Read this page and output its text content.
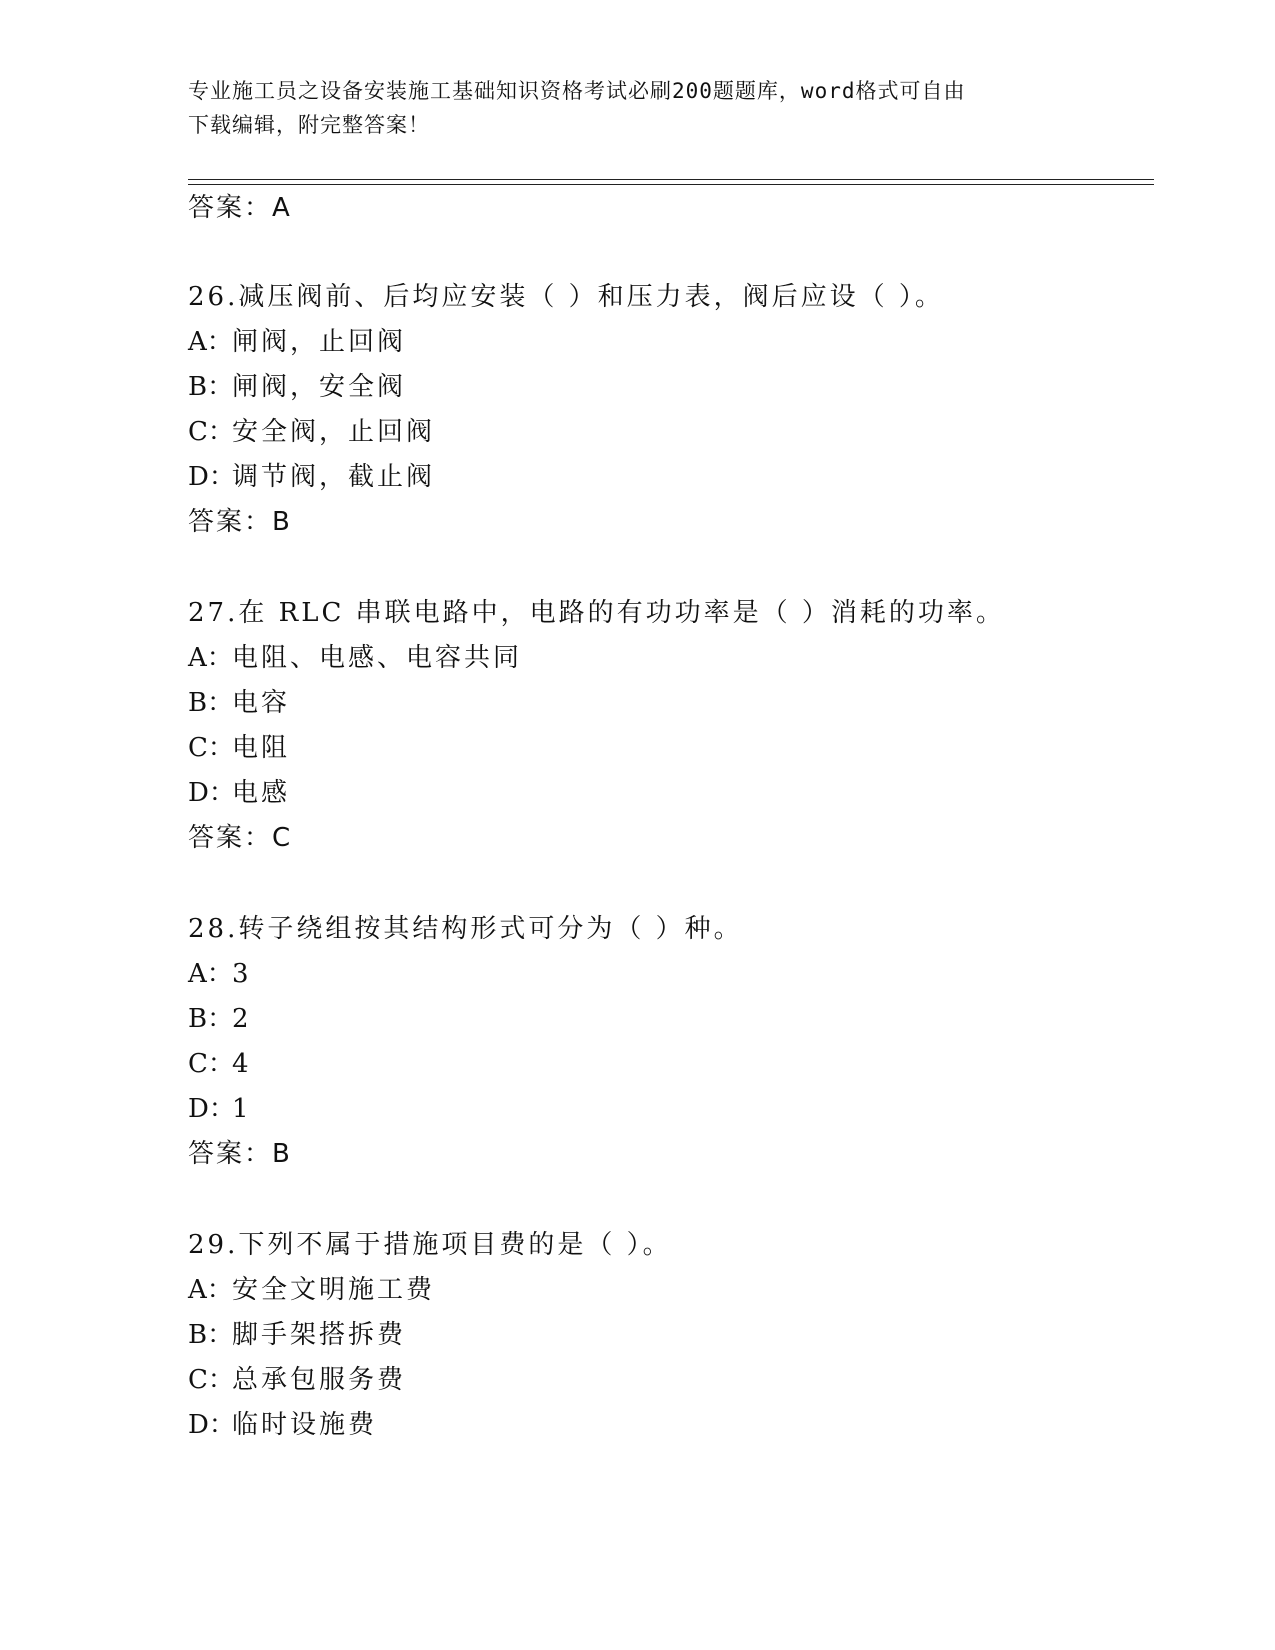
专业施工员之设备安装施工基础知识资格考试必刷200题题库，word格式可自由
下载编辑，附完整答案！
答案：A
26.减压阀前、后均应安装（ ）和压力表，阀后应设（ ）。
A：闸阀，止回阀
B：闸阀，安全阀
C：安全阀，止回阀
D：调节阀，截止阀
答案：B
27.在 RLC 串联电路中，电路的有功功率是（ ）消耗的功率。
A：电阻、电感、电容共同
B：电容
C：电阻
D：电感
答案：C
28.转子绕组按其结构形式可分为（ ）种。
A：3
B：2
C：4
D：1
答案：B
29.下列不属于措施项目费的是（ ）。
A：安全文明施工费
B：脚手架搭拆费
C：总承包服务费
D：临时设施费
